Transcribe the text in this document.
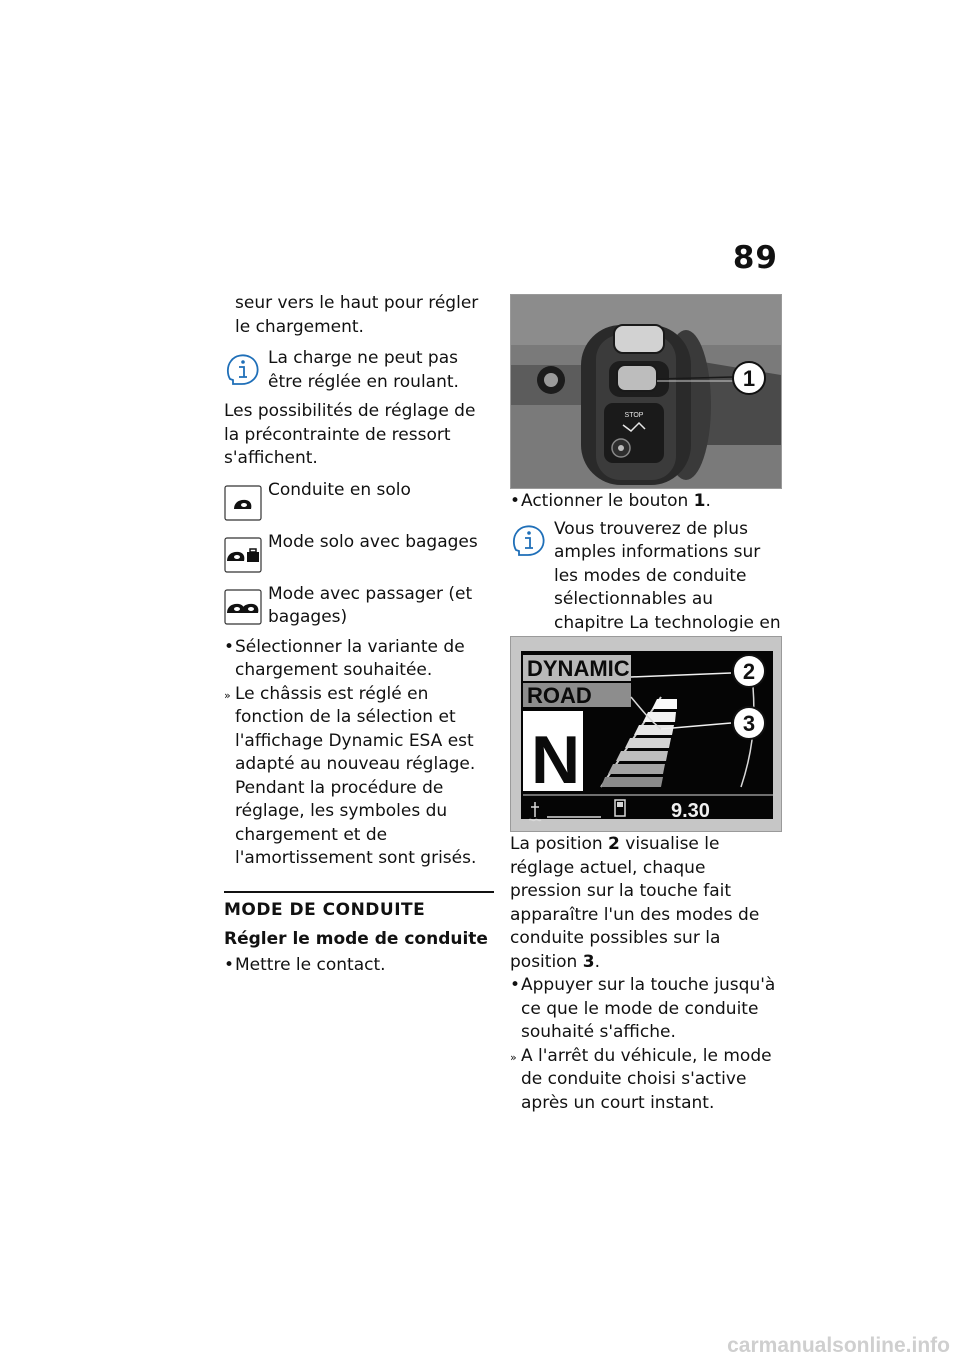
89

seur vers le haut pour régler le chargement.

La charge ne peut pas être réglée en roulant.

Les possibilités de réglage de la précontrainte de ressort s'affichent.

Conduite en solo

Mode solo avec bagages

Mode avec passager (et bagages)

• Sélectionner la variante de chargement souhaitée.

» Le châssis est réglé en fonction de la sélection et l'affichage Dynamic ESA est adapté au nouveau réglage. Pendant la procédure de réglage, les symboles du chargement et de l'amortissement sont grisés.

MODE DE CONDUITE
Régler le mode de conduite
• Mettre le contact.

STOP
1
• Actionner le bouton 1.

Vous trouverez de plus amples informations sur les modes de conduite sélectionnables au chapitre La technologie en

DYNAMIC
ROAD
N
9.30
2
3

La position 2 visualise le réglage actuel, chaque pression sur la touche fait apparaître l'un des modes de conduite possibles sur la position 3.

• Appuyer sur la touche jusqu'à ce que le mode de conduite souhaité s'affiche.

» A l'arrêt du véhicule, le mode de conduite choisi s'active après un court instant.

carmanualsonline.info
